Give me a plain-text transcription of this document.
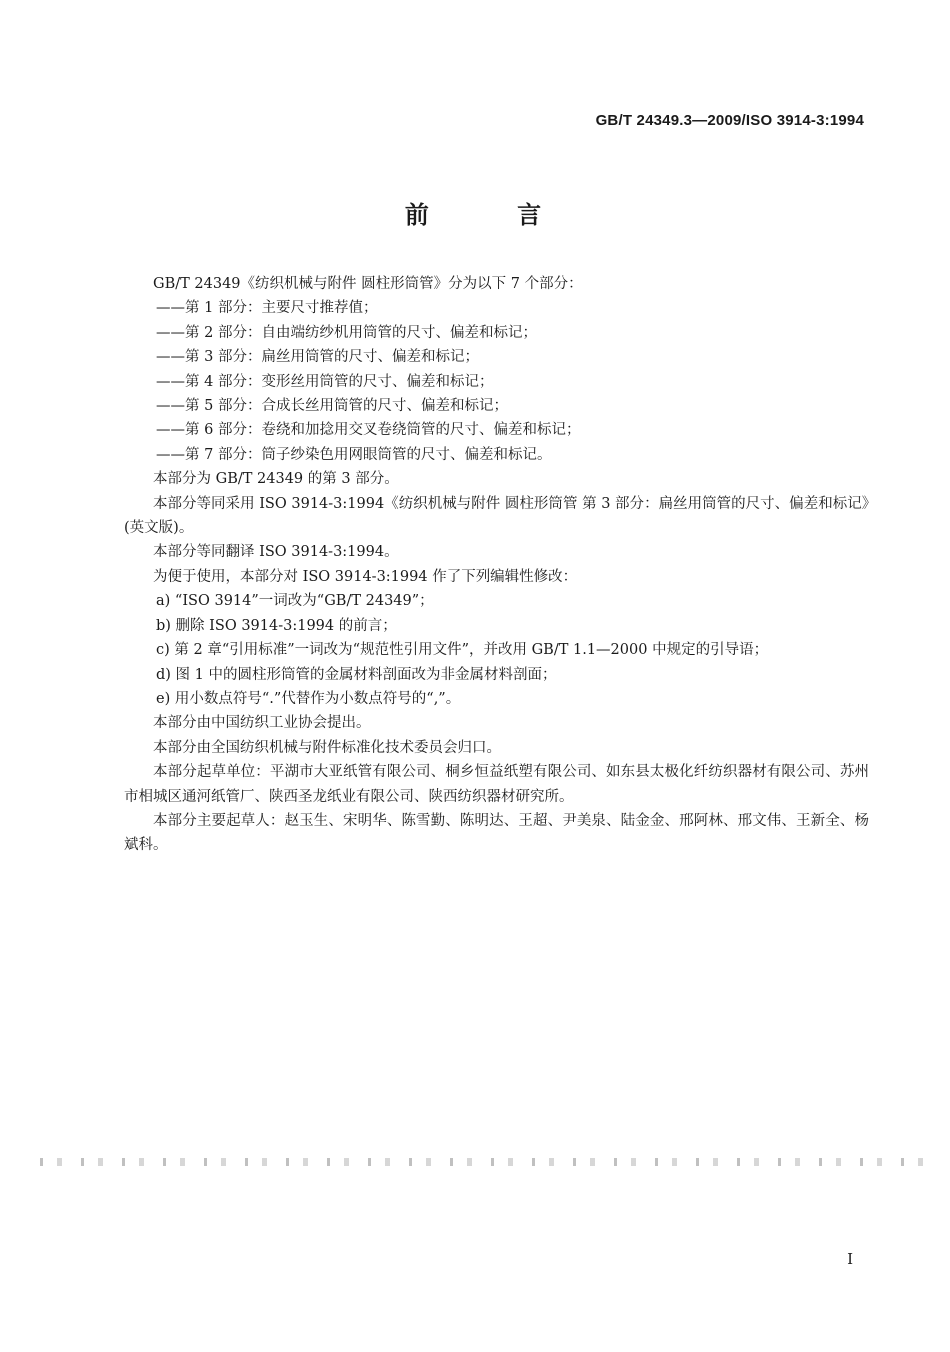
GB/T 24349.3—2009/ISO 3914-3:1994
前 言

GB/T 24349《纺织机械与附件 圆柱形筒管》分为以下 7 个部分：

——第 1 部分：主要尺寸推荐值；

——第 2 部分：自由端纺纱机用筒管的尺寸、偏差和标记；

——第 3 部分：扁丝用筒管的尺寸、偏差和标记；

——第 4 部分：变形丝用筒管的尺寸、偏差和标记；

——第 5 部分：合成长丝用筒管的尺寸、偏差和标记；

——第 6 部分：卷绕和加捻用交叉卷绕筒管的尺寸、偏差和标记；

——第 7 部分：筒子纱染色用网眼筒管的尺寸、偏差和标记。

本部分为 GB/T 24349 的第 3 部分。

本部分等同采用 ISO 3914-3:1994《纺织机械与附件 圆柱形筒管 第 3 部分：扁丝用筒管的尺寸、偏差和标记》(英文版)。

本部分等同翻译 ISO 3914-3:1994。

为便于使用，本部分对 ISO 3914-3:1994 作了下列编辑性修改：

a) “ISO 3914”一词改为“GB/T 24349”；

b) 删除 ISO 3914-3:1994 的前言；

c) 第 2 章“引用标准”一词改为“规范性引用文件”，并改用 GB/T 1.1—2000 中规定的引导语；

d) 图 1 中的圆柱形筒管的金属材料剖面改为非金属材料剖面；

e) 用小数点符号“.”代替作为小数点符号的“,”。

本部分由中国纺织工业协会提出。

本部分由全国纺织机械与附件标准化技术委员会归口。

本部分起草单位：平湖市大亚纸管有限公司、桐乡恒益纸塑有限公司、如东县太极化纤纺织器材有限公司、苏州市相城区通河纸管厂、陕西圣龙纸业有限公司、陕西纺织器材研究所。

本部分主要起草人：赵玉生、宋明华、陈雪勤、陈明达、王超、尹美泉、陆金金、邢阿林、邢文伟、王新全、杨斌科。

I
